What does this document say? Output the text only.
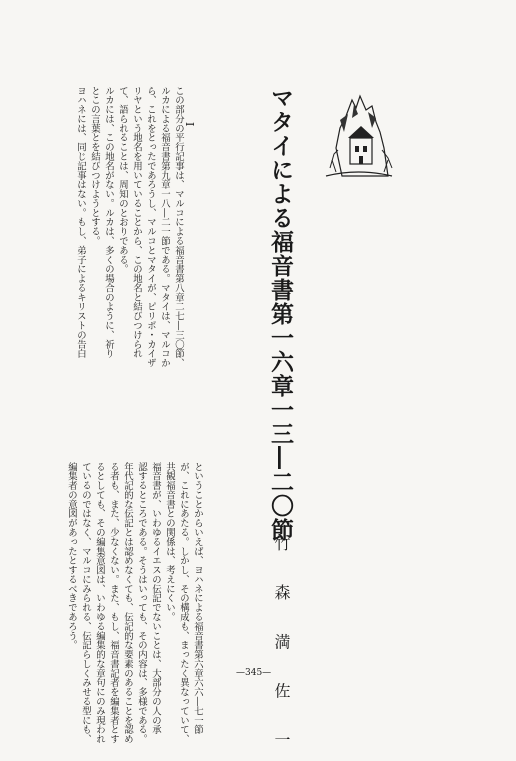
マタイによる福音書第一六章一三―二〇節
竹 森 満 佐 一
I
この部分の平行記事は、マルコによる福音書第八章二七―三〇節、
ルカによる福音書第九章一八―二一節である。マタイは、マルコか
ら、これをとったであろうし、マルコとマタイが、ピリポ・カイザ
リヤという地名を用いていることから、この地名と結びつけられ
て、語られることは、周知のとおりである。
ルカには、この地名がない。ルカは、多くの場合のように、祈り
とこの言葉とを結びつけようとする。
ヨハネには、同じ記事はない。もし、弟子によるキリストの告白
ということからいえば、ヨハネによる福音書第六章六六―七一節
が、これにあたる。しかし、その構成も、まったく異なっていて、
共観福音書との関係は、考えにくい。
福音書が、いわゆるイエスの伝記でないことは、大部分の人の承
認するところである。そうはいっても、その内容は、多様である。
年代記的な伝記とは認めなくても、伝記的な要素のあることを認め
る者も、また、少なくない。また、もし、福音書記者を編集者とす
るとしても、その編集意図は、いわゆる編集的な章句にのみ現われ
ているのではなく、マルコにみられる、伝記らしくみせる型にも、
編集者の意図があったとするべきであろう。
—345—
